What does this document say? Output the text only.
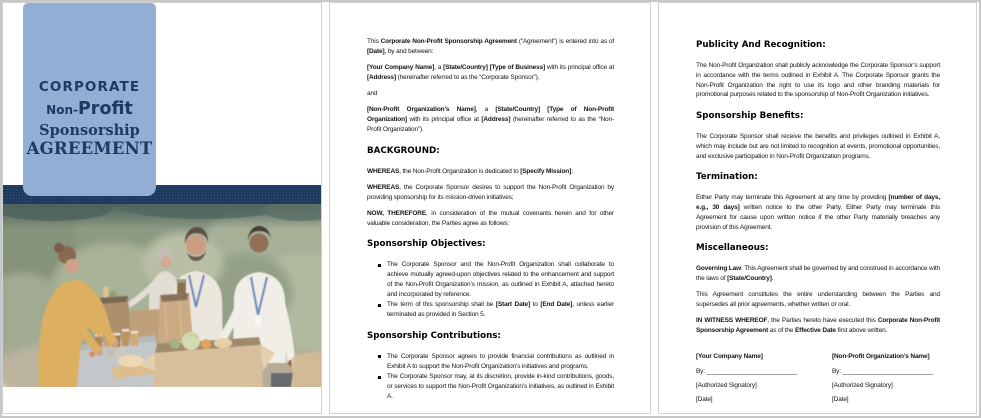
CORPORATE
Non-Profit
Sponsorship
AGREEMENT

This Corporate Non-Profit Sponsorship Agreement (“Agreement”) is entered into as of [Date], by and between:

[Your Company Name], a [State/Country] [Type of Business] with its principal office at [Address] (hereinafter referred to as the “Corporate Sponsor”),

and

[Non-Profit Organization’s Name], a [State/Country] [Type of Non-Profit Organization] with its principal office at [Address] (hereinafter referred to as the “Non-Profit Organization”).

BACKGROUND:

WHEREAS, the Non-Profit Organization is dedicated to [Specify Mission];

WHEREAS, the Corporate Sponsor desires to support the Non-Profit Organization by providing sponsorship for its mission-driven initiatives;

NOW, THEREFORE, in consideration of the mutual covenants herein and for other valuable consideration, the Parties agree as follows:

Sponsorship Objectives:
The Corporate Sponsor and the Non-Profit Organization shall collaborate to achieve mutually agreed-upon objectives related to the enhancement and support of the Non-Profit Organization’s mission, as outlined in Exhibit A, attached hereto and incorporated by reference.
The term of this sponsorship shall be [Start Date] to [End Date], unless earlier terminated as provided in Section 5.
Sponsorship Contributions:
The Corporate Sponsor agrees to provide financial contributions as outlined in Exhibit A to support the Non-Profit Organization’s initiatives and programs.
The Corporate Sponsor may, at its discretion, provide in-kind contributions, goods, or services to support the Non-Profit Organization’s initiatives, as outlined in Exhibit A.
Publicity And Recognition:

The Non-Profit Organization shall publicly acknowledge the Corporate Sponsor’s support in accordance with the terms outlined in Exhibit A. The Corporate Sponsor grants the Non-Profit Organization the right to use its logo and other branding materials for promotional purposes related to the sponsorship of Non-Profit Organization initiatives.

Sponsorship Benefits:

The Corporate Sponsor shall receive the benefits and privileges outlined in Exhibit A, which may include but are not limited to recognition at events, promotional opportunities, and exclusive participation in Non-Profit Organization programs.

Termination:

Either Party may terminate this Agreement at any time by providing [number of days, e.g., 30 days] written notice to the other Party. Either Party may terminate this Agreement for cause upon written notice if the other Party materially breaches any provision of this Agreement.

Miscellaneous:

Governing Law: This Agreement shall be governed by and construed in accordance with the laws of [State/Country].

This Agreement constitutes the entire understanding between the Parties and supersedes all prior agreements, whether written or oral.

IN WITNESS WHEREOF, the Parties hereto have executed this Corporate Non-Profit Sponsorship Agreement as of the Effective Date first above written.

[Your Company Name]
By: __________________________
[Authorized Signatory]
[Date]
[Non-Profit Organization’s Name]
By: __________________________
[Authorized Signatory]
[Date]
